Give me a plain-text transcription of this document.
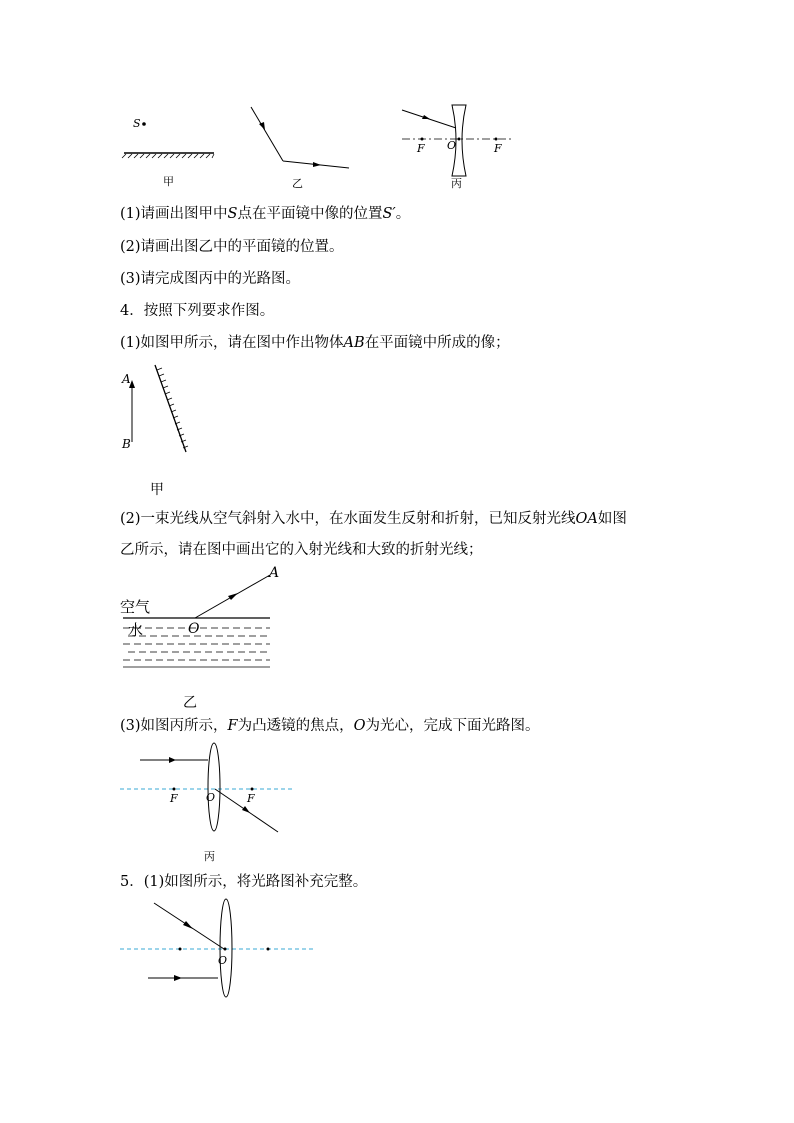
S
甲	乙
F O	F
丙
(1)请画出图甲中S点在平面镜中像的位置S′。
(2)请画出图乙中的平面镜的位置。
(3)请完成图丙中的光路图。
4．按照下列要求作图。
(1)如图甲所示，请在图中作出物体AB在平面镜中所成的像；
A
B
甲
(2)一束光线从空气斜射入水中，在水面发生反射和折射，已知反射光线OA如图
乙所示，请在图中画出它的入射光线和大致的折射光线；
空气
水	O
A
乙
(3)如图丙所示，F为凸透镜的焦点，O为光心，完成下面光路图。
F	O	F
丙
5．(1)如图所示，将光路图补充完整。
O
